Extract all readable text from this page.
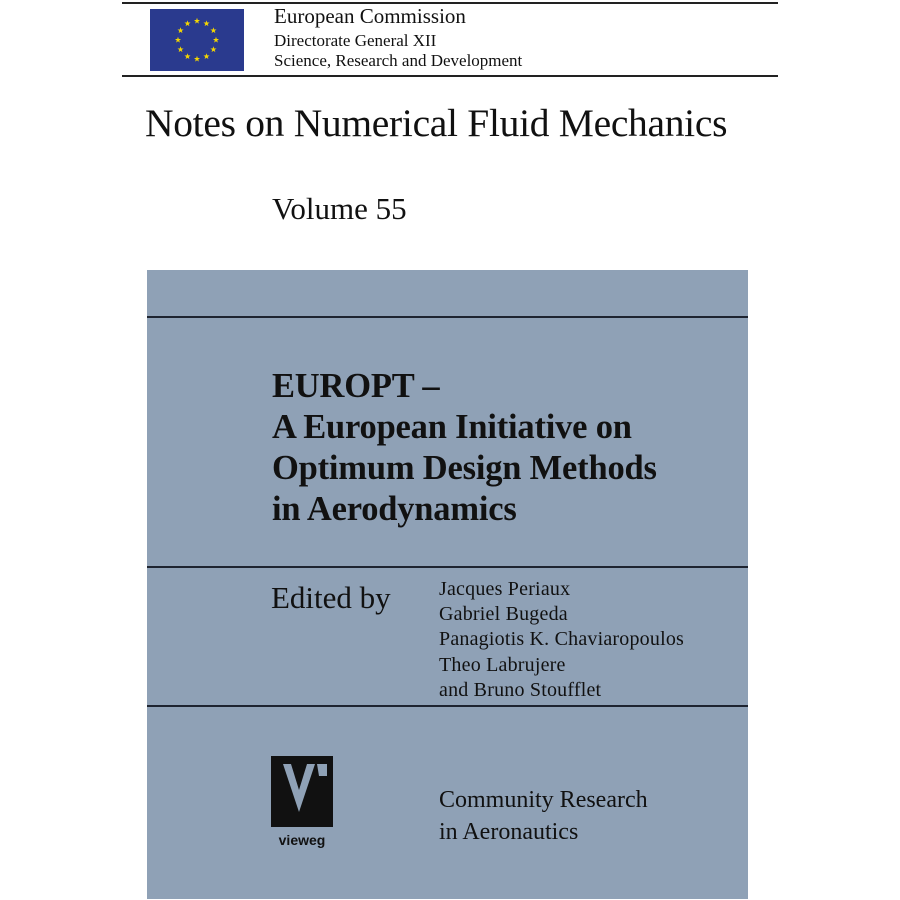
European Commission
Directorate General XII
Science, Research and Development
Notes on Numerical Fluid Mechanics
Volume 55
EUROPT –
A European Initiative on
Optimum Design Methods
in Aerodynamics
Edited by Jacques Periaux
Gabriel Bugeda
Panagiotis K. Chaviaropoulos
Theo Labrujere
and Bruno Stoufflet
vieweg
Community Research
in Aeronautics
